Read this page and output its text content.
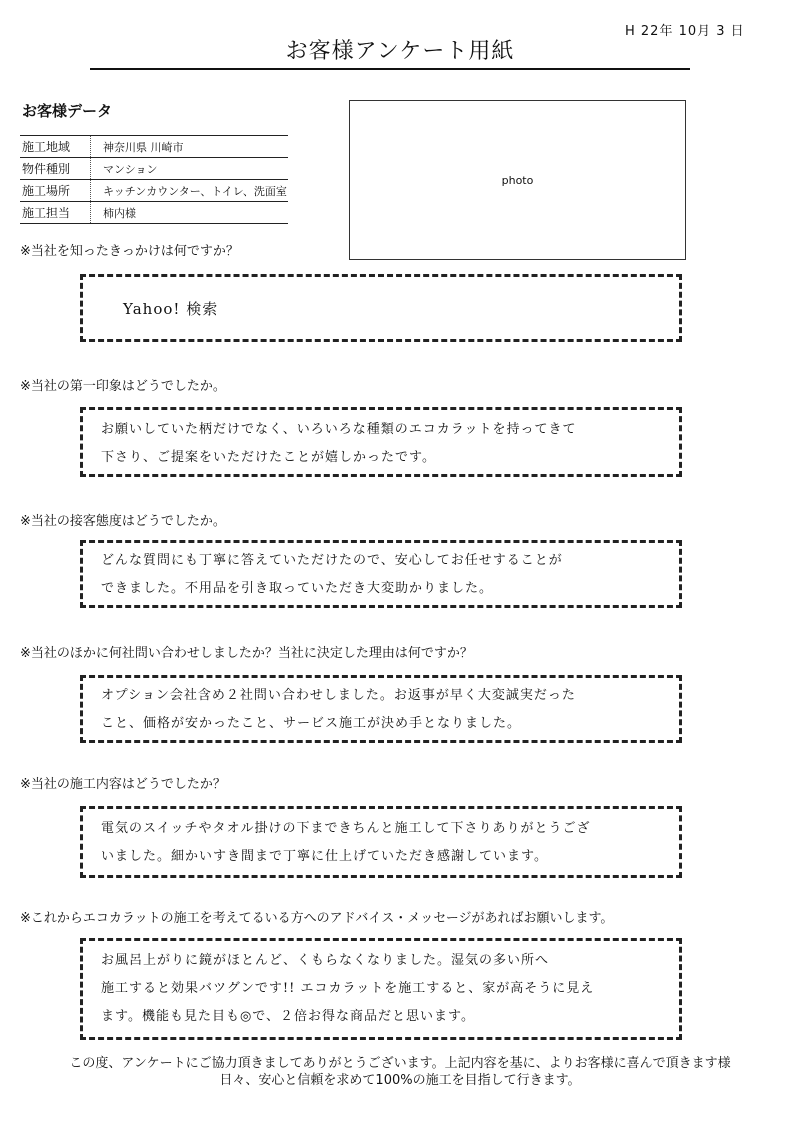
H 22年 10月 3 日
お客様アンケート用紙
お客様データ
施工地域	神奈川県 川崎市
物件種別	マンション
施工場所	キッチンカウンター、トイレ、洗面室
施工担当	柿内様
photo
※当社を知ったきっかけは何ですか？

Yahoo! 検索

※当社の第一印象はどうでしたか。

お願いしていた柄だけでなく、いろいろな種類のエコカラットを持ってきて

下さり、ご提案をいただけたことが嬉しかったです。

※当社の接客態度はどうでしたか。

どんな質問にも丁寧に答えていただけたので、安心してお任せすることが

できました。不用品を引き取っていただき大変助かりました。

※当社のほかに何社問い合わせしましたか？当社に決定した理由は何ですか？

オプション会社含め２社問い合わせしました。お返事が早く大変誠実だった

こと、価格が安かったこと、サービス施工が決め手となりました。

※当社の施工内容はどうでしたか？

電気のスイッチやタオル掛けの下まできちんと施工して下さりありがとうござ

いました。細かいすき間まで丁寧に仕上げていただき感謝しています。

※これからエコカラットの施工を考えてるいる方へのアドバイス・メッセージがあればお願いします。

お風呂上がりに鏡がほとんど、くもらなくなりました。湿気の多い所へ

施工すると効果バツグンです!! エコカラットを施工すると、家が高そうに見え

ます。機能も見た目も◎で、２倍お得な商品だと思います。

この度、アンケートにご協力頂きましてありがとうございます。上記内容を基に、よりお客様に喜んで頂きます様
日々、安心と信頼を求めて100%の施工を目指して行きます。
